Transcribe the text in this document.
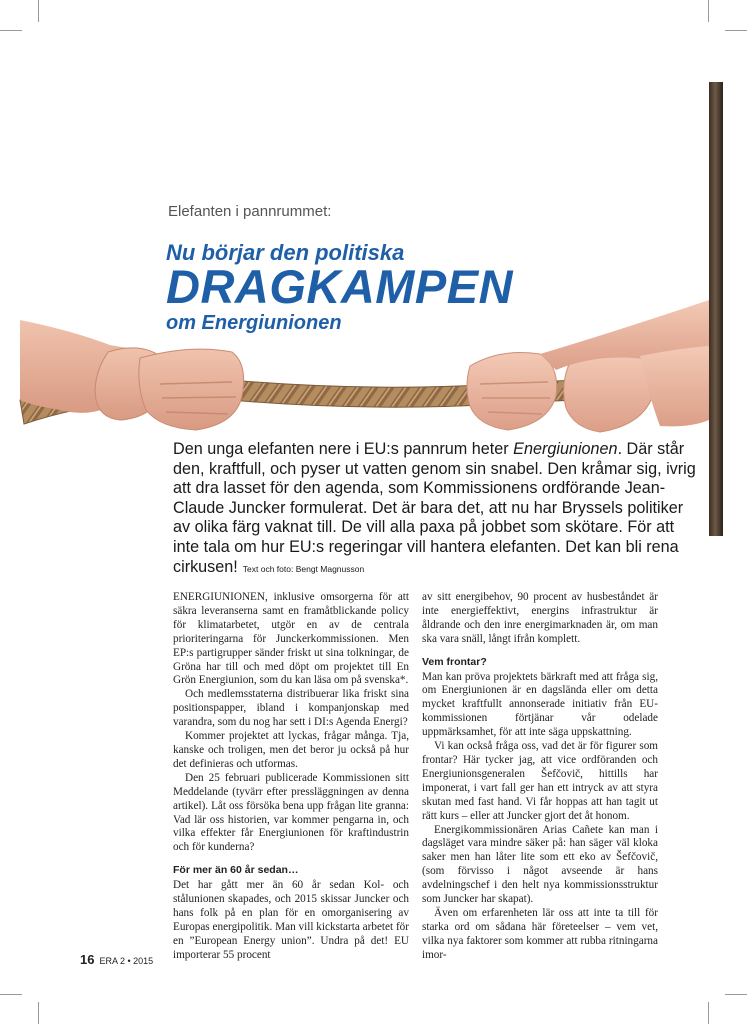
Elefanten i pannrummet:
Nu börjar den politiska
DRAGKAMPEN
om Energiunionen
Den unga elefanten nere i EU:s pannrum heter Energiunionen. Där står den, kraftfull, och pyser ut vatten genom sin snabel. Den kråmar sig, ivrig att dra lasset för den agenda, som Kommissionens ordförande Jean-Claude Juncker formulerat. Det är bara det, att nu har Bryssels politiker av olika färg vaknat till. De vill alla paxa på jobbet som skötare. För att inte tala om hur EU:s regeringar vill hantera elefanten. Det kan bli rena cirkusen! Text och foto: Bengt Magnusson

ENERGIUNIONEN, inklusive omsorgerna för att säkra leveranserna samt en framåtblickande policy för klimatarbetet, utgör en av de centrala prioriteringarna för Junckerkommissionen. Men EP:s partigrupper sänder friskt ut sina tolkningar, de Gröna har till och med döpt om projektet till En Grön Energiunion, som du kan läsa om på svenska*.

Och medlemsstaterna distribuerar lika friskt sina positionspapper, ibland i kompanjonskap med varandra, som du nog har sett i DI:s Agenda Energi?

Kommer projektet att lyckas, frågar många. Tja, kanske och troligen, men det beror ju också på hur det definieras och utformas.

Den 25 februari publicerade Kommissionen sitt Meddelande (tyvärr efter pressläggningen av denna artikel). Låt oss försöka bena upp frågan lite granna: Vad lär oss historien, var kommer pengarna in, och vilka effekter får Energiunionen för kraftindustrin och för kunderna?

För mer än 60 år sedan…

Det har gått mer än 60 år sedan Kol- och stålunionen skapades, och 2015 skissar Juncker och hans folk på en plan för en omorganisering av Europas energipolitik. Man vill kickstarta arbetet för en ”European Energy union”. Undra på det! EU importerar 55 procent

av sitt energibehov, 90 procent av husbeståndet är inte energieffektivt, energins infrastruktur är åldrande och den inre energimarknaden är, om man ska vara snäll, långt ifrån komplett.

Vem frontar?

Man kan pröva projektets bärkraft med att fråga sig, om Energiunionen är en dagslända eller om detta mycket kraftfullt annonserade initiativ från EU-kommissionen förtjänar vår odelade uppmärksamhet, för att inte säga uppskattning.

Vi kan också fråga oss, vad det är för figurer som frontar? Här tycker jag, att vice ordföranden och Energiunionsgeneralen Šefčovič, hittills har imponerat, i vart fall ger han ett intryck av att styra skutan med fast hand. Vi får hoppas att han tagit ut rätt kurs – eller att Juncker gjort det åt honom.

Energikommissionären Arias Cañete kan man i dagsläget vara mindre säker på: han säger väl kloka saker men han låter lite som ett eko av Šefčovič, (som förvisso i något avseende är hans avdelningschef i den helt nya kommissionsstruktur som Juncker har skapat).

Även om erfarenheten lär oss att inte ta till för starka ord om sådana här företeelser – vem vet, vilka nya faktorer som kommer att rubba ritningarna imor-

16 ERA 2 • 2015
